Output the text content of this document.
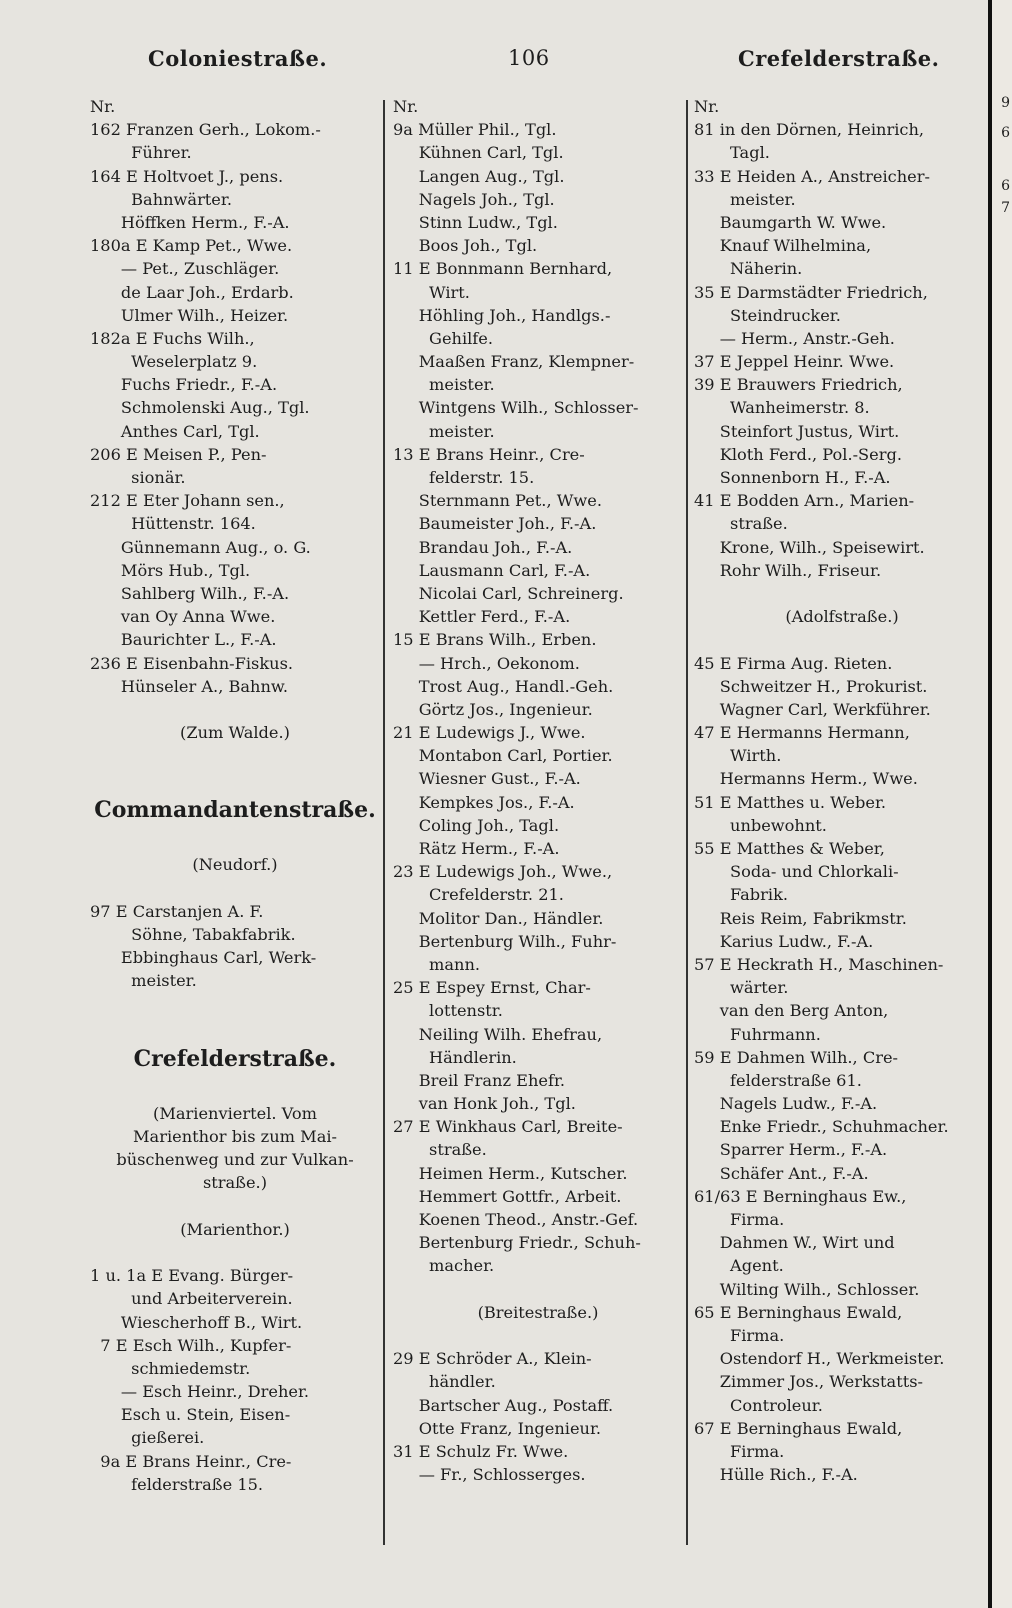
Coloniestraße.	106	Crefelderstraße.
Nr.
162 Franzen Gerh., Lokom.-
Führer.
164 E Holtvoet J., pens.
Bahnwärter.
Höffken Herm., F.-A.
180a E Kamp Pet., Wwe.
— Pet., Zuschläger.
de Laar Joh., Erdarb.
Ulmer Wilh., Heizer.
182a E Fuchs Wilh.,
Weselerplatz 9.
Fuchs Friedr., F.-A.
Schmolenski Aug., Tgl.
Anthes Carl, Tgl.
206 E Meisen P., Pen-
sionär.
212 E Eter Johann sen.,
Hüttenstr. 164.
Günnemann Aug., o. G.
Mörs Hub., Tgl.
Sahlberg Wilh., F.-A.
van Oy Anna Wwe.
Baurichter L., F.-A.
236 E Eisenbahn-Fiskus.
Hünseler A., Bahnw.
(Zum Walde.)
Commandantenstraße.
(Neudorf.)
97 E Carstanjen A. F.
Söhne, Tabakfabrik.
Ebbinghaus Carl, Werk-
meister.
Crefelderstraße.
(Marienviertel. Vom
Marienthor bis zum Mai-
büschenweg und zur Vulkan-
straße.)
(Marienthor.)
1 u. 1a E Evang. Bürger-
und Arbeiterverein.
Wiescherhoff B., Wirt.
7 E Esch Wilh., Kupfer-
schmiedemstr.
— Esch Heinr., Dreher.
Esch u. Stein, Eisen-
gießerei.
9a E Brans Heinr., Cre-
felderstraße 15.
Nr.
9a Müller Phil., Tgl.
Kühnen Carl, Tgl.
Langen Aug., Tgl.
Nagels Joh., Tgl.
Stinn Ludw., Tgl.
Boos Joh., Tgl.
11 E Bonnmann Bernhard,
Wirt.
Höhling Joh., Handlgs.-
Gehilfe.
Maaßen Franz, Klempner-
meister.
Wintgens Wilh., Schlosser-
meister.
13 E Brans Heinr., Cre-
felderstr. 15.
Sternmann Pet., Wwe.
Baumeister Joh., F.-A.
Brandau Joh., F.-A.
Lausmann Carl, F.-A.
Nicolai Carl, Schreinerg.
Kettler Ferd., F.-A.
15 E Brans Wilh., Erben.
— Hrch., Oekonom.
Trost Aug., Handl.-Geh.
Görtz Jos., Ingenieur.
21 E Ludewigs J., Wwe.
Montabon Carl, Portier.
Wiesner Gust., F.-A.
Kempkes Jos., F.-A.
Coling Joh., Tagl.
Rätz Herm., F.-A.
23 E Ludewigs Joh., Wwe.,
Crefelderstr. 21.
Molitor Dan., Händler.
Bertenburg Wilh., Fuhr-
mann.
25 E Espey Ernst, Char-
lottenstr.
Neiling Wilh. Ehefrau,
Händlerin.
Breil Franz Ehefr.
van Honk Joh., Tgl.
27 E Winkhaus Carl, Breite-
straße.
Heimen Herm., Kutscher.
Hemmert Gottfr., Arbeit.
Koenen Theod., Anstr.-Gef.
Bertenburg Friedr., Schuh-
macher.
(Breitestraße.)
29 E Schröder A., Klein-
händler.
Bartscher Aug., Postaff.
Otte Franz, Ingenieur.
31 E Schulz Fr. Wwe.
— Fr., Schlosserges.
Nr.
81 in den Dörnen, Heinrich,
Tagl.
33 E Heiden A., Anstreicher-
meister.
Baumgarth W. Wwe.
Knauf Wilhelmina,
Näherin.
35 E Darmstädter Friedrich,
Steindrucker.
— Herm., Anstr.-Geh.
37 E Jeppel Heinr. Wwe.
39 E Brauwers Friedrich,
Wanheimerstr. 8.
Steinfort Justus, Wirt.
Kloth Ferd., Pol.-Serg.
Sonnenborn H., F.-A.
41 E Bodden Arn., Marien-
straße.
Krone, Wilh., Speisewirt.
Rohr Wilh., Friseur.
(Adolfstraße.)
45 E Firma Aug. Rieten.
Schweitzer H., Prokurist.
Wagner Carl, Werkführer.
47 E Hermanns Hermann,
Wirth.
Hermanns Herm., Wwe.
51 E Matthes u. Weber.
unbewohnt.
55 E Matthes & Weber,
Soda- und Chlorkali-
Fabrik.
Reis Reim, Fabrikmstr.
Karius Ludw., F.-A.
57 E Heckrath H., Maschinen-
wärter.
van den Berg Anton,
Fuhrmann.
59 E Dahmen Wilh., Cre-
felderstraße 61.
Nagels Ludw., F.-A.
Enke Friedr., Schuhmacher.
Sparrer Herm., F.-A.
Schäfer Ant., F.-A.
61/63 E Berninghaus Ew.,
Firma.
Dahmen W., Wirt und
Agent.
Wilting Wilh., Schlosser.
65 E Berninghaus Ewald,
Firma.
Ostendorf H., Werkmeister.
Zimmer Jos., Werkstatts-
Controleur.
67 E Berninghaus Ewald,
Firma.
Hülle Rich., F.-A.
9
6
6
7
